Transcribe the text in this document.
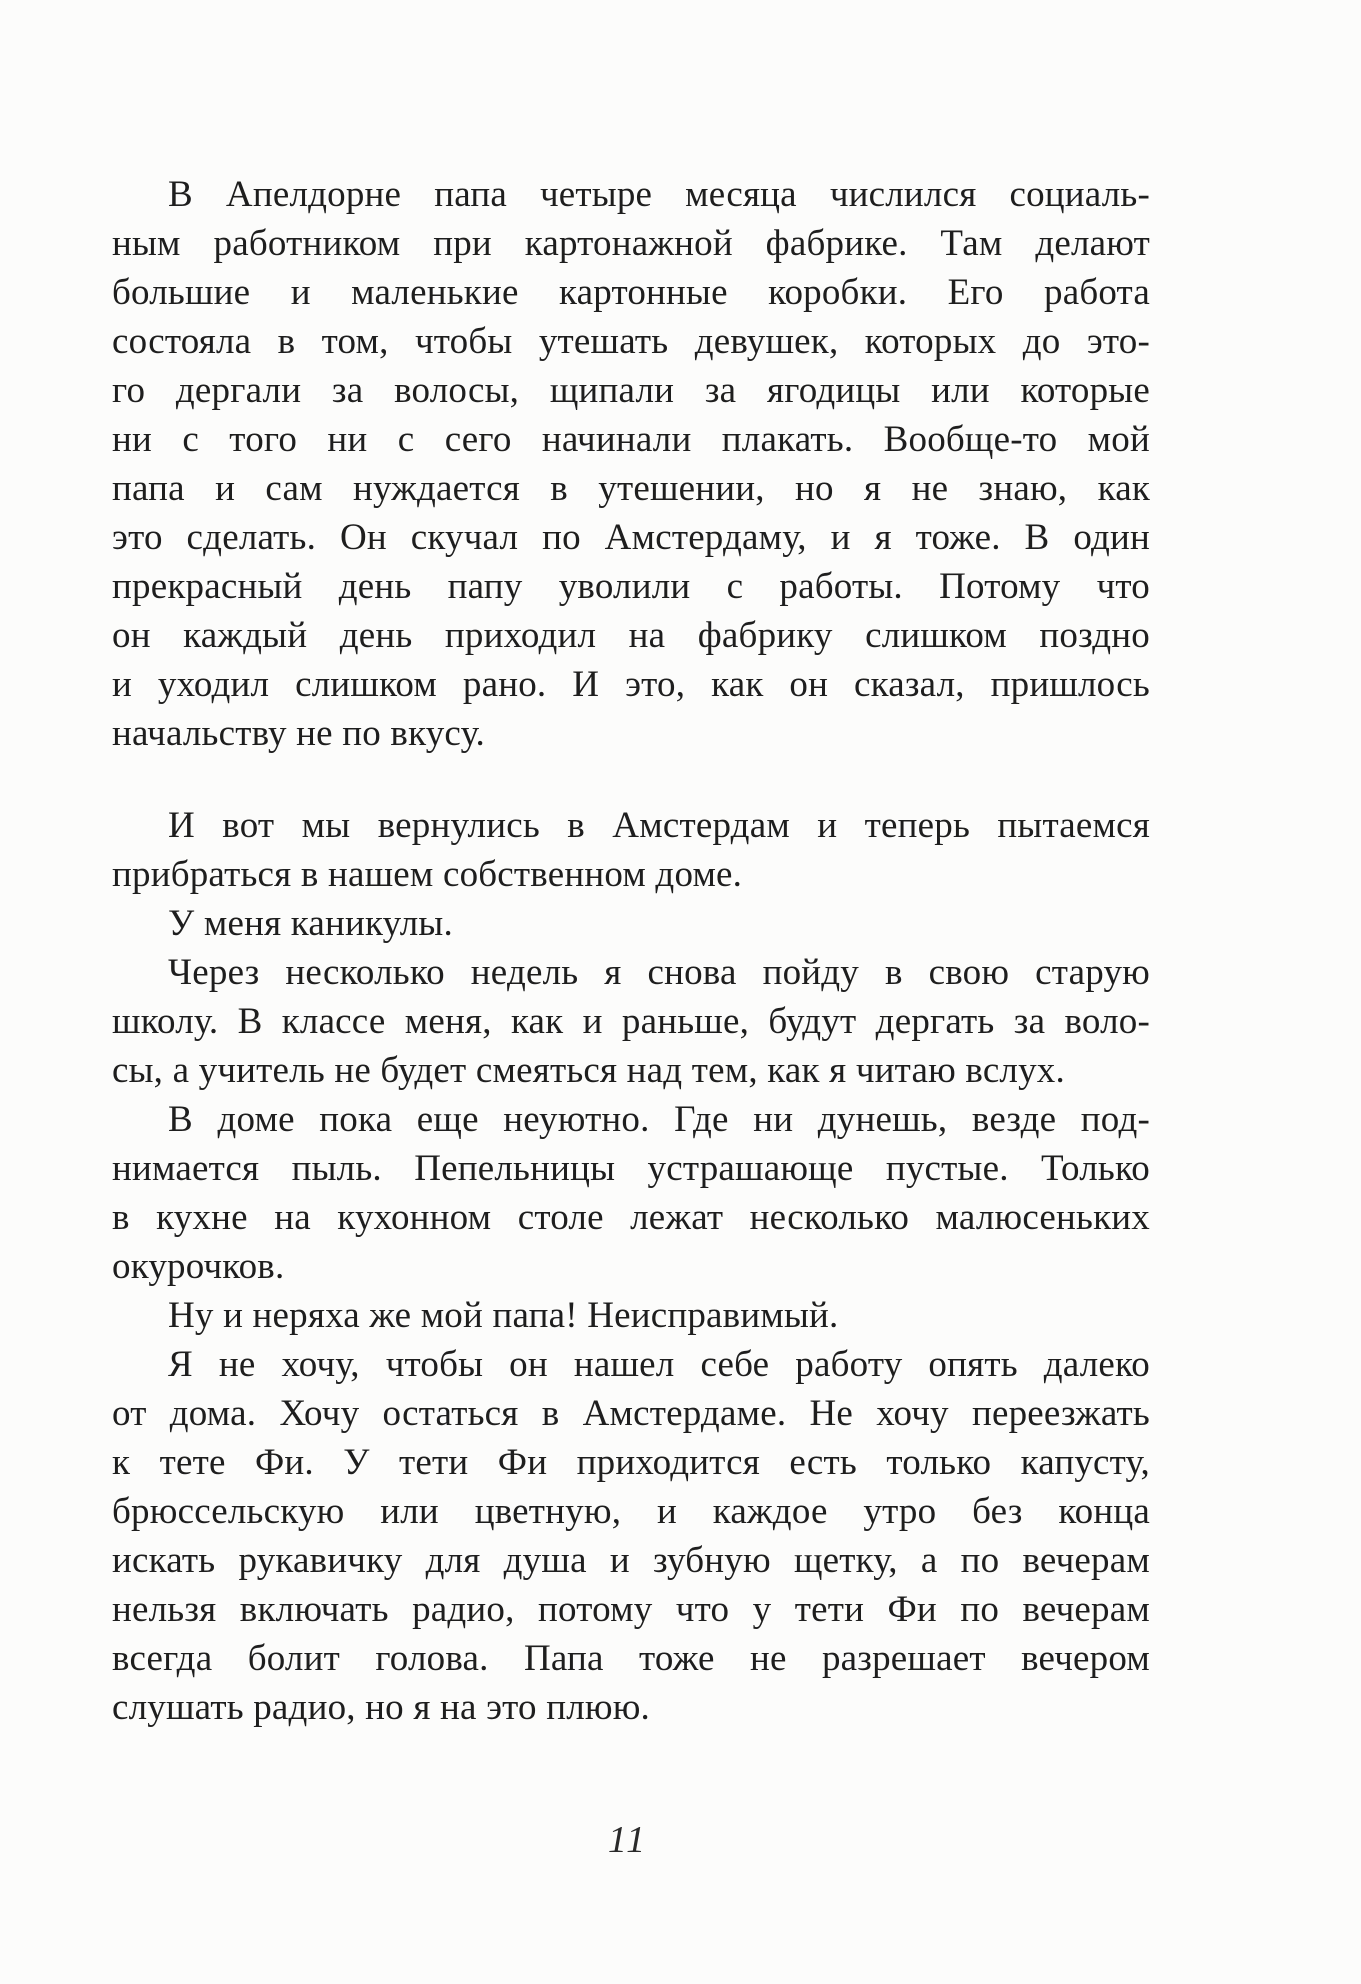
В Апелдорне папа четыре месяца числился социаль-
ным работником при картонажной фабрике. Там делают
большие и маленькие картонные коробки. Его работа
состояла в том, чтобы утешать девушек, которых до это-
го дергали за волосы, щипали за ягодицы или которые
ни с того ни с сего начинали плакать. Вообще-то мой
папа и сам нуждается в утешении, но я не знаю, как
это сделать. Он скучал по Амстердаму, и я тоже. В один
прекрасный день папу уволили с работы. Потому что
он каждый день приходил на фабрику слишком поздно
и уходил слишком рано. И это, как он сказал, пришлось
начальству не по вкусу.
И вот мы вернулись в Амстердам и теперь пытаемся
прибраться в нашем собственном доме.
У меня каникулы.
Через несколько недель я снова пойду в свою старую
школу. В классе меня, как и раньше, будут дергать за воло-
сы, а учитель не будет смеяться над тем, как я читаю вслух.
В доме пока еще неуютно. Где ни дунешь, везде под-
нимается пыль. Пепельницы устрашающе пустые. Только
в кухне на кухонном столе лежат несколько малюсеньких
окурочков.
Ну и неряха же мой папа! Неисправимый.
Я не хочу, чтобы он нашел себе работу опять далеко
от дома. Хочу остаться в Амстердаме. Не хочу переезжать
к тете Фи. У тети Фи приходится есть только капусту,
брюссельскую или цветную, и каждое утро без конца
искать рукавичку для душа и зубную щетку, а по вечерам
нельзя включать радио, потому что у тети Фи по вечерам
всегда болит голова. Папа тоже не разрешает вечером
слушать радио, но я на это плюю.
11
